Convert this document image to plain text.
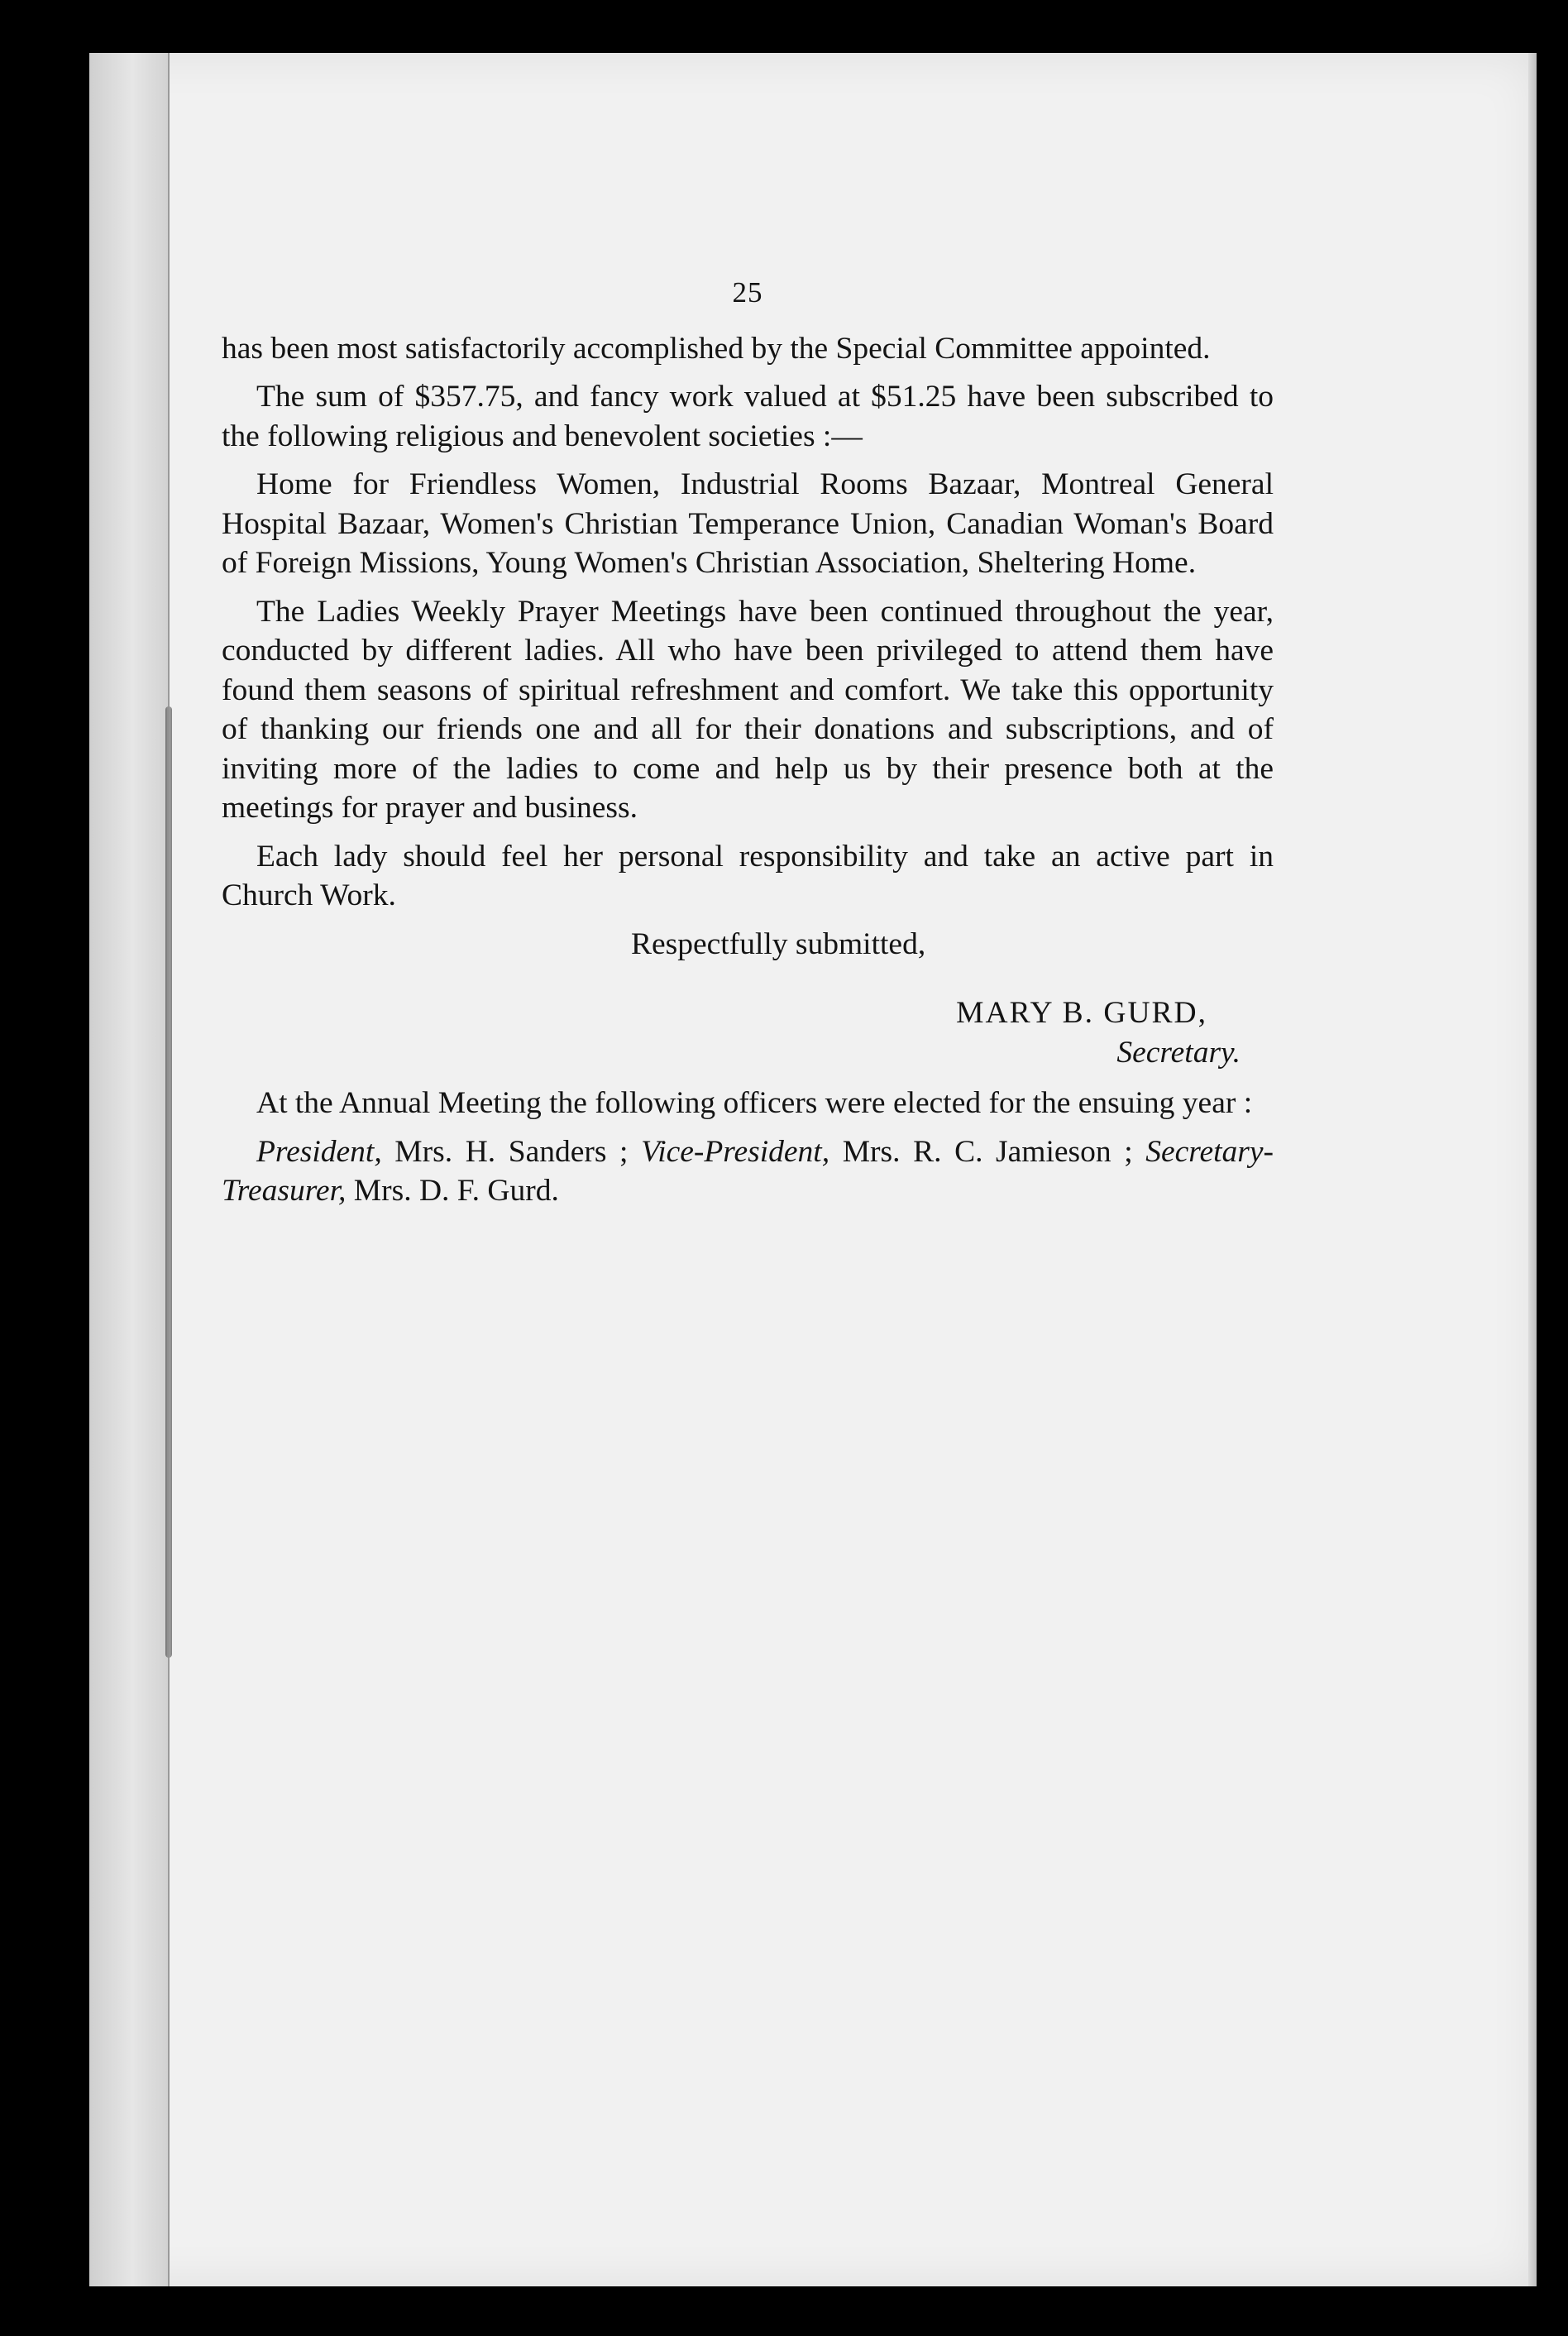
25

has been most satisfactorily accomplished by the Special Committee appointed.

The sum of $357.75, and fancy work valued at $51.25 have been subscribed to the following religious and benevolent societies :—

Home for Friendless Women, Industrial Rooms Bazaar, Montreal General Hospital Bazaar, Women's Christian Temperance Union, Canadian Woman's Board of Foreign Missions, Young Women's Christian Association, Sheltering Home.

The Ladies Weekly Prayer Meetings have been continued throughout the year, conducted by different ladies. All who have been privileged to attend them have found them seasons of spiritual refreshment and comfort. We take this opportunity of thanking our friends one and all for their donations and subscriptions, and of inviting more of the ladies to come and help us by their presence both at the meetings for prayer and business.

Each lady should feel her personal responsibility and take an active part in Church Work.

Respectfully submitted,
MARY B. GURD,
Secretary.

At the Annual Meeting the following officers were elected for the ensuing year :

President, Mrs. H. Sanders ; Vice-President, Mrs. R. C. Jamieson ; Secretary-Treasurer, Mrs. D. F. Gurd.
